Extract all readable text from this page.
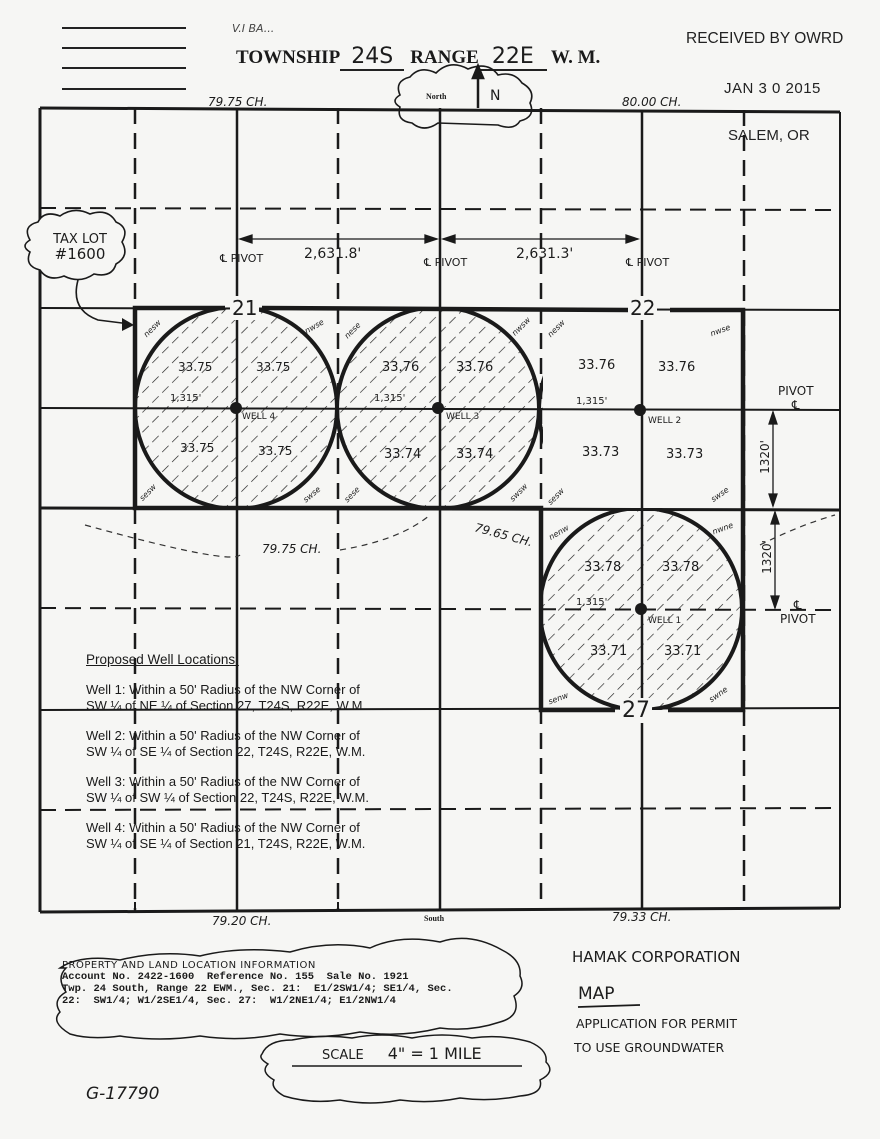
V.I BA...
TOWNSHIP 24S RANGE 22E W. M.
RECEIVED BY OWRD
JAN 3 0 2015
SALEM, OR
79.75 CH.	80.00 CH.
North	N
TAX LOT
#1600	℄ PIVOT	2,631.8'
℄ PIVOT
2,631.3'
℄ PIVOT
PIVOT
℄
℄
PIVOT
1320'
1320'
21	22
27
33.75	33.75
33.75	33.75
1,315'
WELL 4
nesw	nwse
sesw	swse
33.76	33.76
33.74	33.74
1,315'
WELL 3
nese	nwsw
sese	swsw
33.76	33.76
33.73	33.73
1,315'
WELL 2
nesw	nwse
sesw	swse
33.78	33.78
33.71	33.71
1,315'
WELL 1
nenw	nwne
senw	swne
79.75 CH.	79.65 CH.
Proposed Well Locations:
Well 1: Within a 50' Radius of the NW Corner of
SW ¼ of NE ¼ of Section 27, T24S, R22E, W.M.
Well 2: Within a 50' Radius of the NW Corner of
SW ¼ of SE ¼ of Section 22, T24S, R22E, W.M.
Well 3: Within a 50' Radius of the NW Corner of
SW ¼ of SW ¼ of Section 22, T24S, R22E, W.M.
Well 4: Within a 50' Radius of the NW Corner of
SW ¼ of SE ¼ of Section 21, T24S, R22E, W.M.
79.20 CH.	South	79.33 CH.
PROPERTY AND LAND LOCATION INFORMATION
Account No. 2422-1600  Reference No. 155  Sale No. 1921
Twp. 24 South, Range 22 EWM., Sec. 21:  E1/2SW1/4; SE1/4, Sec.
22:  SW1/4; W1/2SE1/4, Sec. 27:  W1/2NE1/4; E1/2NW1/4
SCALE 4" = 1 MILE
HAMAK CORPORATION
MAP
APPLICATION FOR PERMIT
TO USE GROUNDWATER
G-17790
